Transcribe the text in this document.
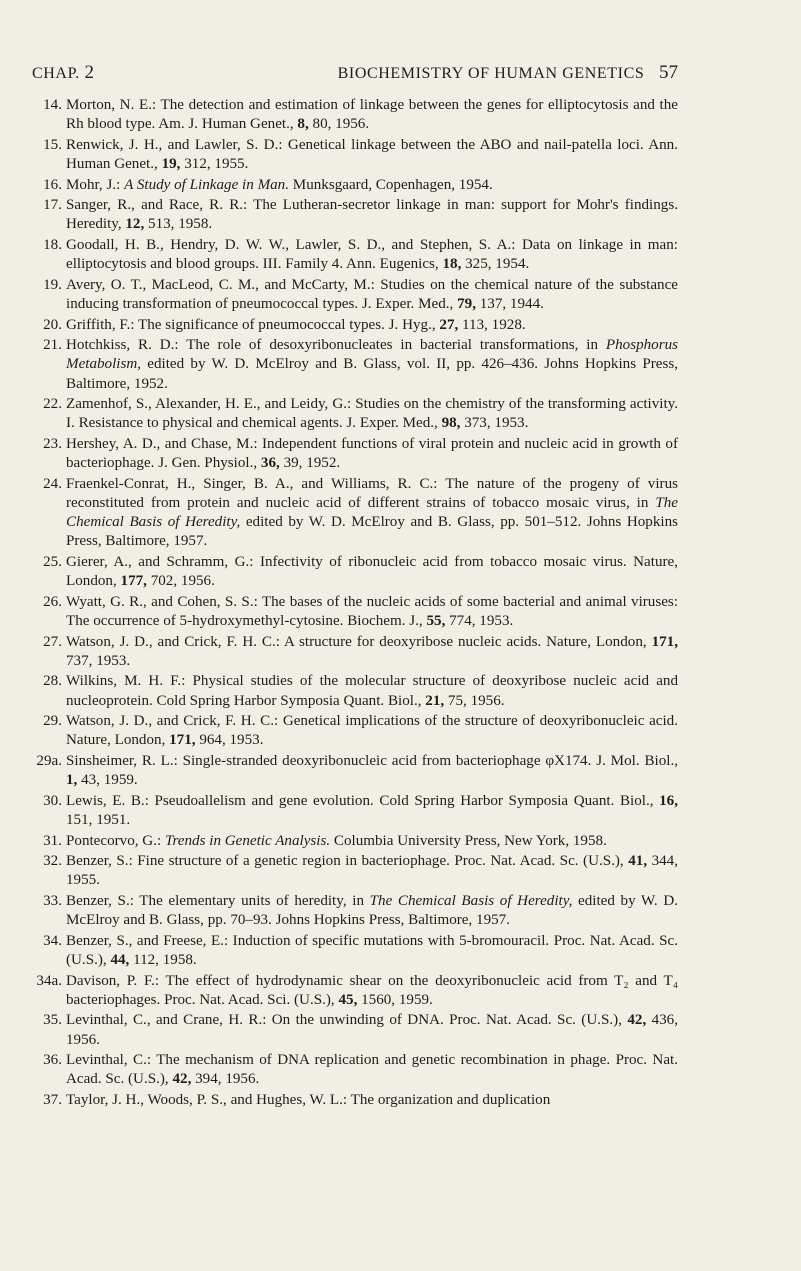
CHAP. 2	BIOCHEMISTRY OF HUMAN GENETICS 57
14. Morton, N. E.: The detection and estimation of linkage between the genes for elliptocytosis and the Rh blood type. Am. J. Human Genet., 8, 80, 1956.
15. Renwick, J. H., and Lawler, S. D.: Genetical linkage between the ABO and nail-patella loci. Ann. Human Genet., 19, 312, 1955.
16. Mohr, J.: A Study of Linkage in Man. Munksgaard, Copenhagen, 1954.
17. Sanger, R., and Race, R. R.: The Lutheran-secretor linkage in man: support for Mohr's findings. Heredity, 12, 513, 1958.
18. Goodall, H. B., Hendry, D. W. W., Lawler, S. D., and Stephen, S. A.: Data on linkage in man: elliptocytosis and blood groups. III. Family 4. Ann. Eugenics, 18, 325, 1954.
19. Avery, O. T., MacLeod, C. M., and McCarty, M.: Studies on the chemical nature of the substance inducing transformation of pneumococcal types. J. Exper. Med., 79, 137, 1944.
20. Griffith, F.: The significance of pneumococcal types. J. Hyg., 27, 113, 1928.
21. Hotchkiss, R. D.: The role of desoxyribonucleates in bacterial transformations, in Phosphorus Metabolism, edited by W. D. McElroy and B. Glass, vol. II, pp. 426–436. Johns Hopkins Press, Baltimore, 1952.
22. Zamenhof, S., Alexander, H. E., and Leidy, G.: Studies on the chemistry of the transforming activity. I. Resistance to physical and chemical agents. J. Exper. Med., 98, 373, 1953.
23. Hershey, A. D., and Chase, M.: Independent functions of viral protein and nucleic acid in growth of bacteriophage. J. Gen. Physiol., 36, 39, 1952.
24. Fraenkel-Conrat, H., Singer, B. A., and Williams, R. C.: The nature of the progeny of virus reconstituted from protein and nucleic acid of different strains of tobacco mosaic virus, in The Chemical Basis of Heredity, edited by W. D. McElroy and B. Glass, pp. 501–512. Johns Hopkins Press, Baltimore, 1957.
25. Gierer, A., and Schramm, G.: Infectivity of ribonucleic acid from tobacco mosaic virus. Nature, London, 177, 702, 1956.
26. Wyatt, G. R., and Cohen, S. S.: The bases of the nucleic acids of some bacterial and animal viruses: The occurrence of 5-hydroxymethyl-cytosine. Biochem. J., 55, 774, 1953.
27. Watson, J. D., and Crick, F. H. C.: A structure for deoxyribose nucleic acids. Nature, London, 171, 737, 1953.
28. Wilkins, M. H. F.: Physical studies of the molecular structure of deoxyribose nucleic acid and nucleoprotein. Cold Spring Harbor Symposia Quant. Biol., 21, 75, 1956.
29. Watson, J. D., and Crick, F. H. C.: Genetical implications of the structure of deoxyribonucleic acid. Nature, London, 171, 964, 1953.
29a. Sinsheimer, R. L.: Single-stranded deoxyribonucleic acid from bacteriophage φX174. J. Mol. Biol., 1, 43, 1959.
30. Lewis, E. B.: Pseudoallelism and gene evolution. Cold Spring Harbor Symposia Quant. Biol., 16, 151, 1951.
31. Pontecorvo, G.: Trends in Genetic Analysis. Columbia University Press, New York, 1958.
32. Benzer, S.: Fine structure of a genetic region in bacteriophage. Proc. Nat. Acad. Sc. (U.S.), 41, 344, 1955.
33. Benzer, S.: The elementary units of heredity, in The Chemical Basis of Heredity, edited by W. D. McElroy and B. Glass, pp. 70–93. Johns Hopkins Press, Baltimore, 1957.
34. Benzer, S., and Freese, E.: Induction of specific mutations with 5-bromouracil. Proc. Nat. Acad. Sc. (U.S.), 44, 112, 1958.
34a. Davison, P. F.: The effect of hydrodynamic shear on the deoxyribonucleic acid from T₂ and T₄ bacteriophages. Proc. Nat. Acad. Sci. (U.S.), 45, 1560, 1959.
35. Levinthal, C., and Crane, H. R.: On the unwinding of DNA. Proc. Nat. Acad. Sc. (U.S.), 42, 436, 1956.
36. Levinthal, C.: The mechanism of DNA replication and genetic recombination in phage. Proc. Nat. Acad. Sc. (U.S.), 42, 394, 1956.
37. Taylor, J. H., Woods, P. S., and Hughes, W. L.: The organization and duplication
